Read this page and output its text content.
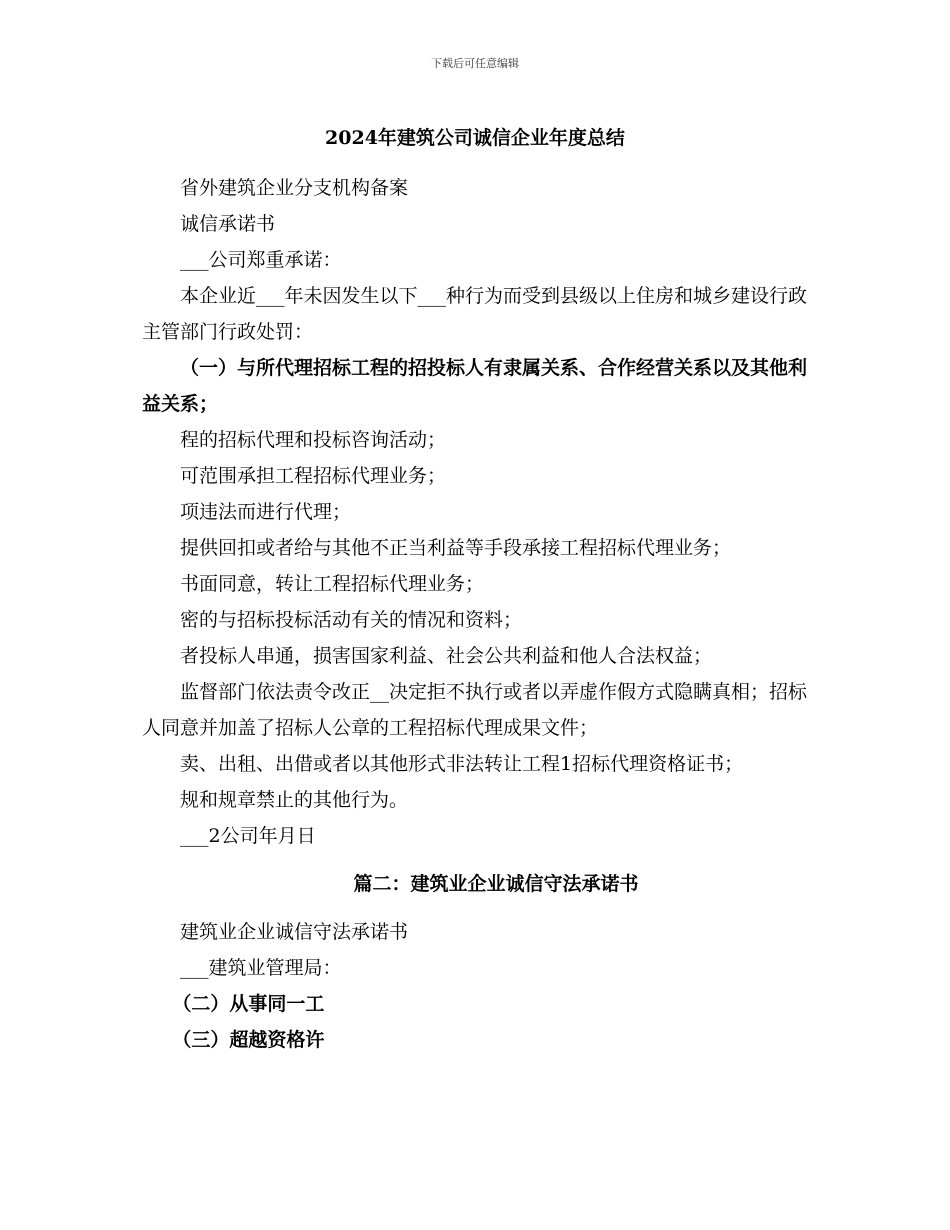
下载后可任意编辑
2024年建筑公司诚信企业年度总结

省外建筑企业分支机构备案

诚信承诺书

___公司郑重承诺：

本企业近___年未因发生以下___种行为而受到县级以上住房和城乡建设行政主管部门行政处罚：

（一）与所代理招标工程的招投标人有隶属关系、合作经营关系以及其他利益关系；

程的招标代理和投标咨询活动；

可范围承担工程招标代理业务；

项违法而进行代理；

提供回扣或者给与其他不正当利益等手段承接工程招标代理业务；

书面同意，转让工程招标代理业务；

密的与招标投标活动有关的情况和资料；

者投标人串通，损害国家利益、社会公共利益和他人合法权益；

监督部门依法责令改正__决定拒不执行或者以弄虚作假方式隐瞒真相；招标人同意并加盖了招标人公章的工程招标代理成果文件；

卖、出租、出借或者以其他形式非法转让工程1招标代理资格证书；

规和规章禁止的其他行为。

___2公司年月日

篇二：建筑业企业诚信守法承诺书

建筑业企业诚信守法承诺书

___建筑业管理局：

（二）从事同一工

（三）超越资格许
